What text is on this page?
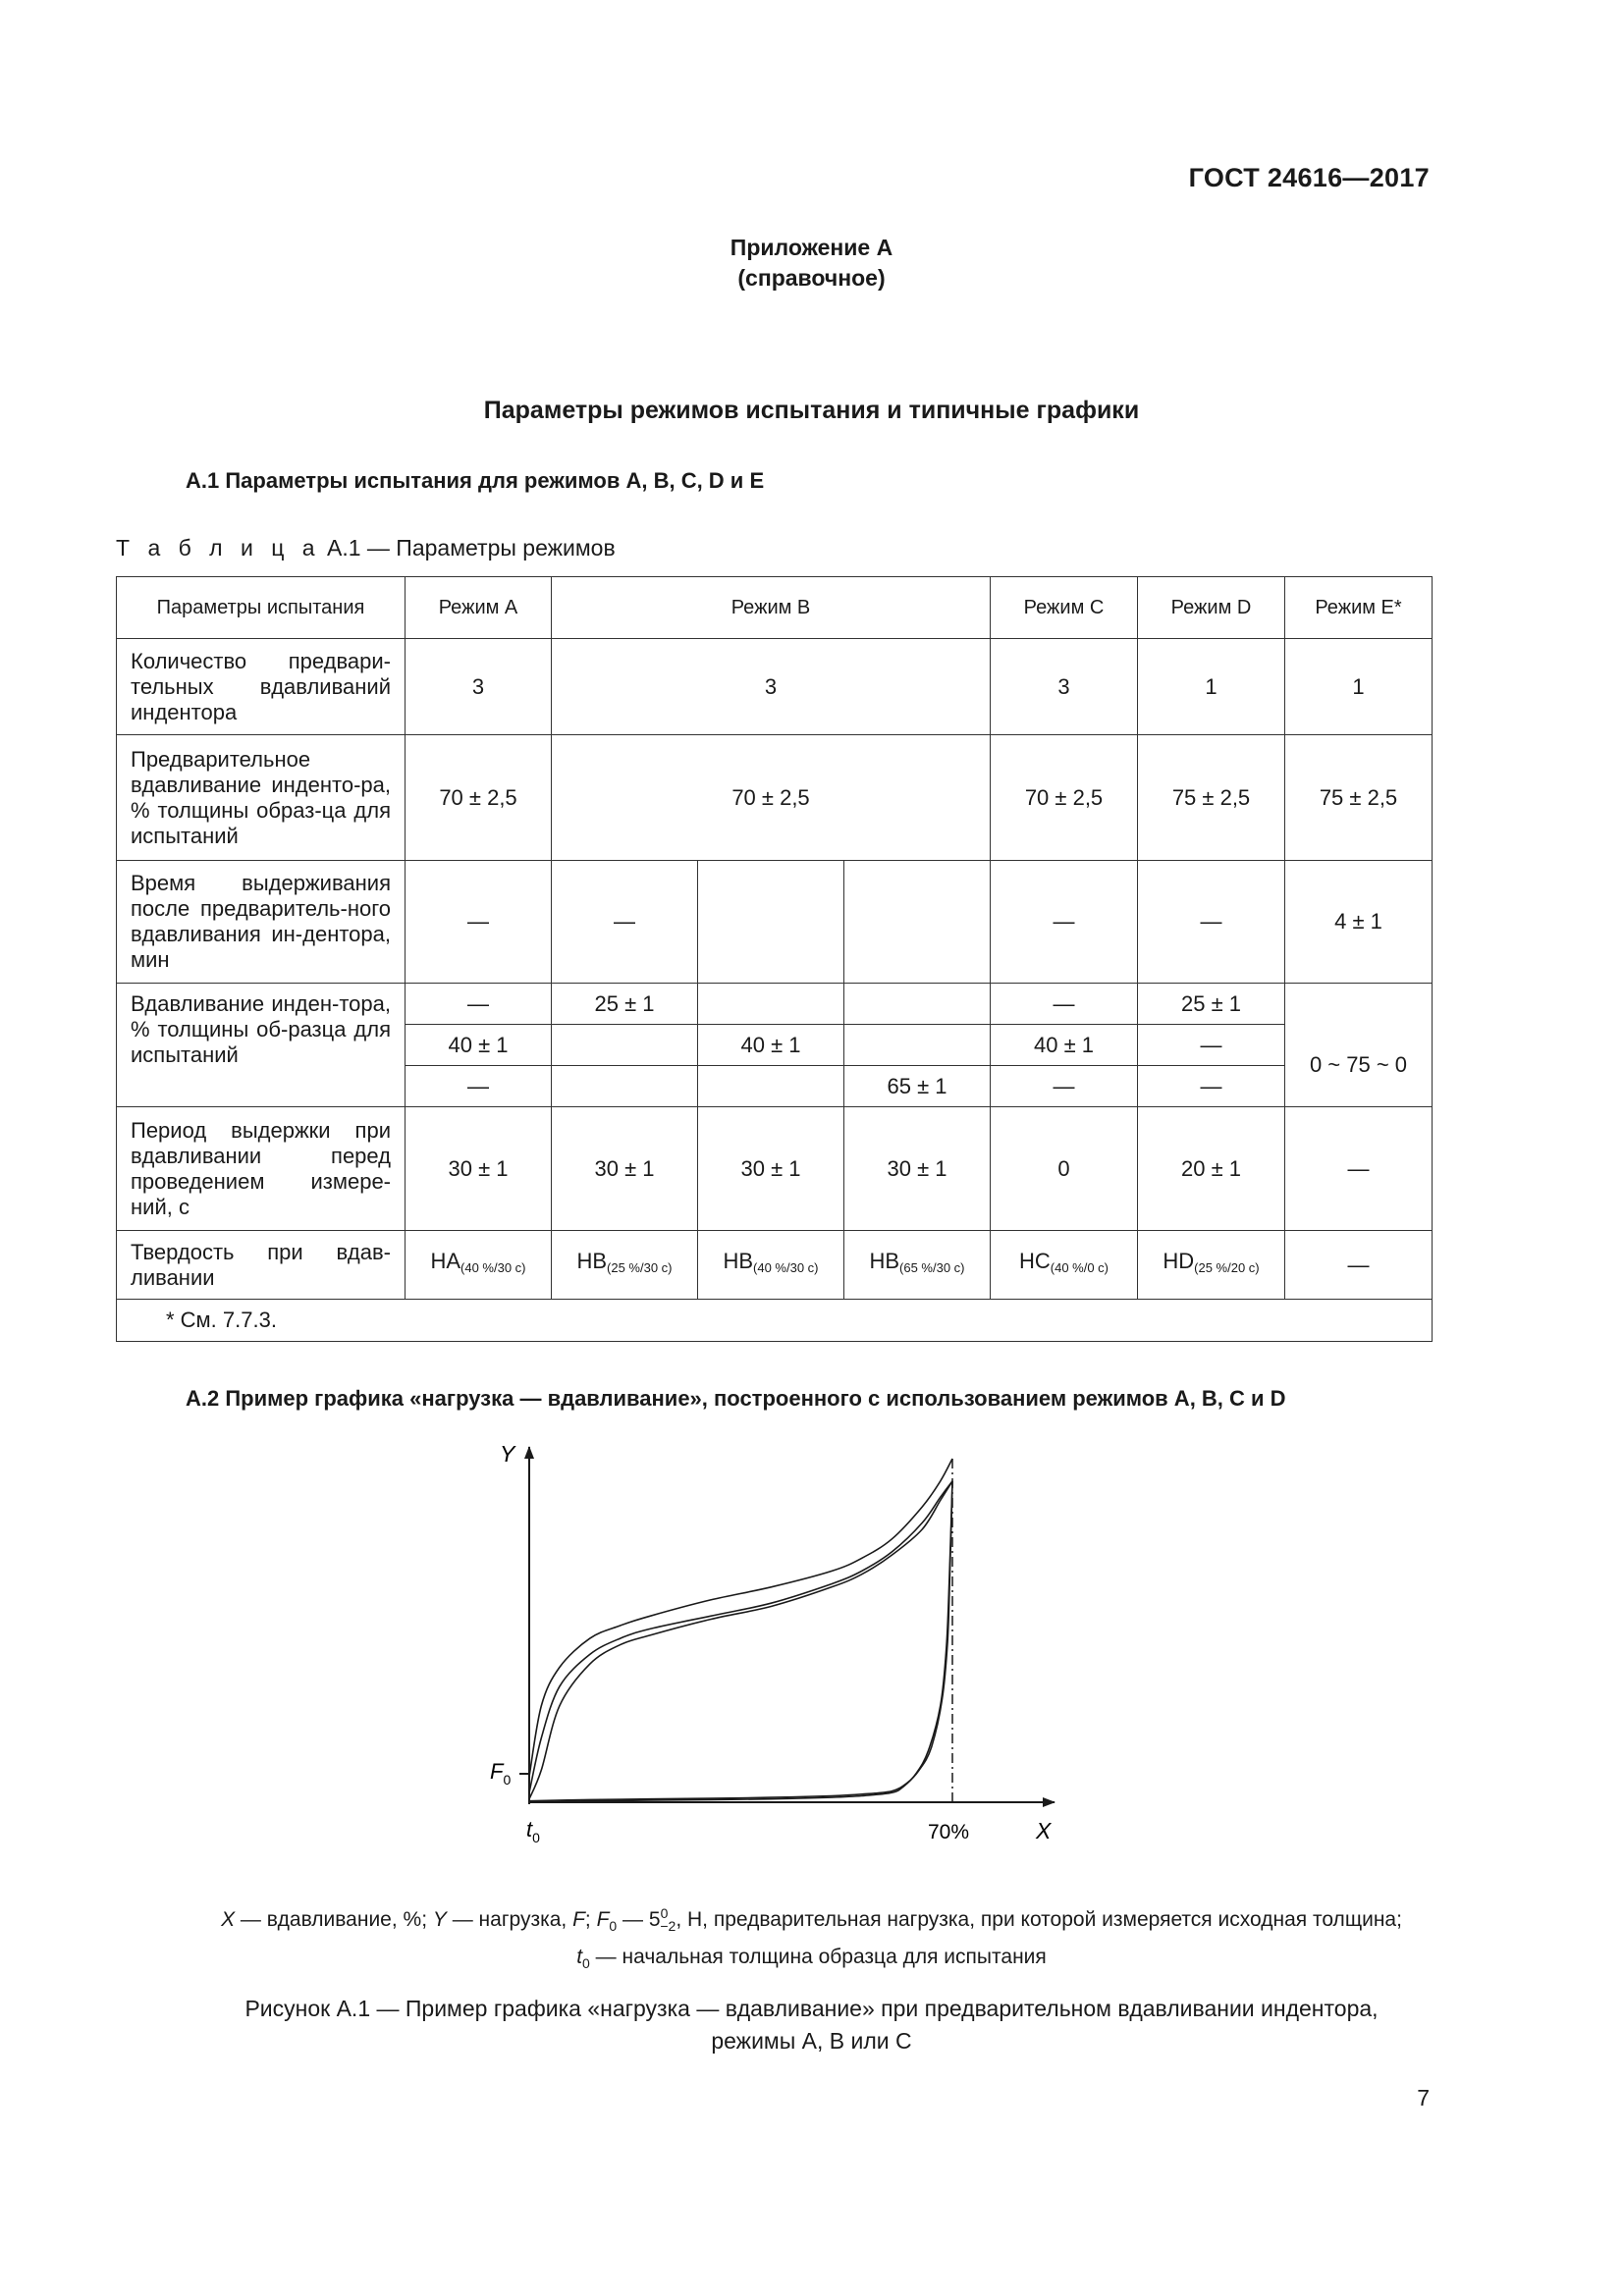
ГОСТ 24616—2017
Приложение А
(справочное)
Параметры режимов испытания и типичные графики
А.1 Параметры испытания для режимов A, B, C, D и E
Т а б л и ц а А.1 — Параметры режимов
Параметры испытания	Режим A	Режим B			Режим C	Режим D	Режим E*
Количество предвари-тельных вдавливаний индентора	3	3			3	1	1
Предварительное вдавливание инденто-ра, % толщины образ-ца для испытаний	70 ± 2,5	70 ± 2,5			70 ± 2,5	75 ± 2,5	75 ± 2,5
Время выдерживания после предваритель-ного вдавливания ин-дентора, мин	—	—			—	—	4 ± 1
Вдавливание инден-тора, % толщины об-разца для испытаний	—	25 ± 1			—	25 ± 1	
	40 ± 1		40 ± 1		40 ± 1	—	0 ~ 75 ~ 0
	—			65 ± 1	—	—	
Период выдержки при вдавливании перед проведением измере-ний, с	30 ± 1	30 ± 1	30 ± 1	30 ± 1	0	20 ± 1	—
Твердость при вдав-ливании	HA(40 %/30 c)	HB(25 %/30 c)	HB(40 %/30 c)	HB(65 %/30 c)	HC(40 %/0 c)	HD(25 %/20 c)	—
* См. 7.7.3.							
А.2 Пример графика «нагрузка — вдавливание», построенного с использованием режимов A, B, C и D
Y
X
$F_0$
$t_0$	70%
X — вдавливание, %; Y — нагрузка, F; $F_0$ — $5^0_{-2}$, Н, предварительная нагрузка, при которой измеряется исходная толщина;
$t_0$ — начальная толщина образца для испытания
Рисунок А.1 — Пример графика «нагрузка — вдавливание» при предварительном вдавливании индентора,
режимы A, B или C
7
